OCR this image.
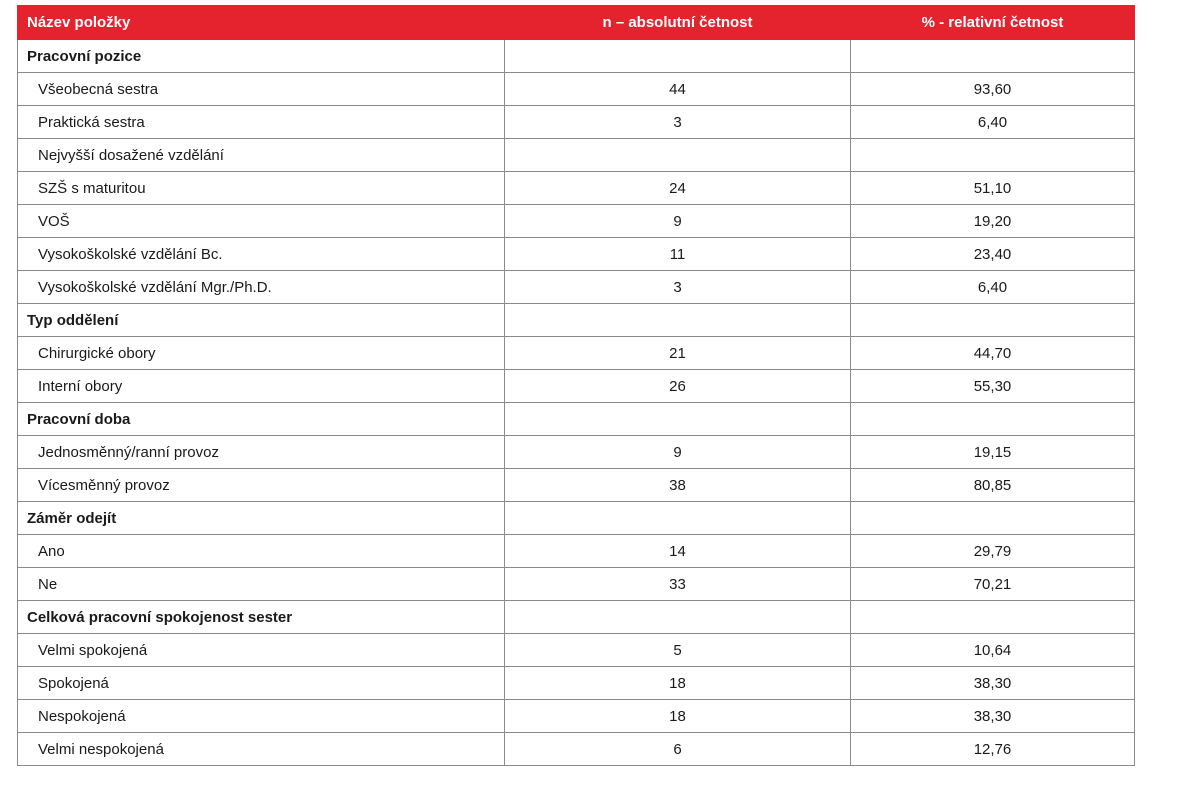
Název položky	n – absolutní četnost	% - relativní četnost
Pracovní pozice		
Všeobecná sestra	44	93,60
Praktická sestra	3	6,40
Nejvyšší dosažené vzdělání		
SZŠ s maturitou	24	51,10
VOŠ	9	19,20
Vysokoškolské vzdělání Bc.	11	23,40
Vysokoškolské vzdělání Mgr./Ph.D.	3	6,40
Typ oddělení		
Chirurgické obory	21	44,70
Interní obory	26	55,30
Pracovní doba		
Jednosměnný/ranní provoz	9	19,15
Vícesměnný provoz	38	80,85
Záměr odejít		
Ano	14	29,79
Ne	33	70,21
Celková pracovní spokojenost sester		
Velmi spokojená	5	10,64
Spokojená	18	38,30
Nespokojená	18	38,30
Velmi nespokojená	6	12,76
